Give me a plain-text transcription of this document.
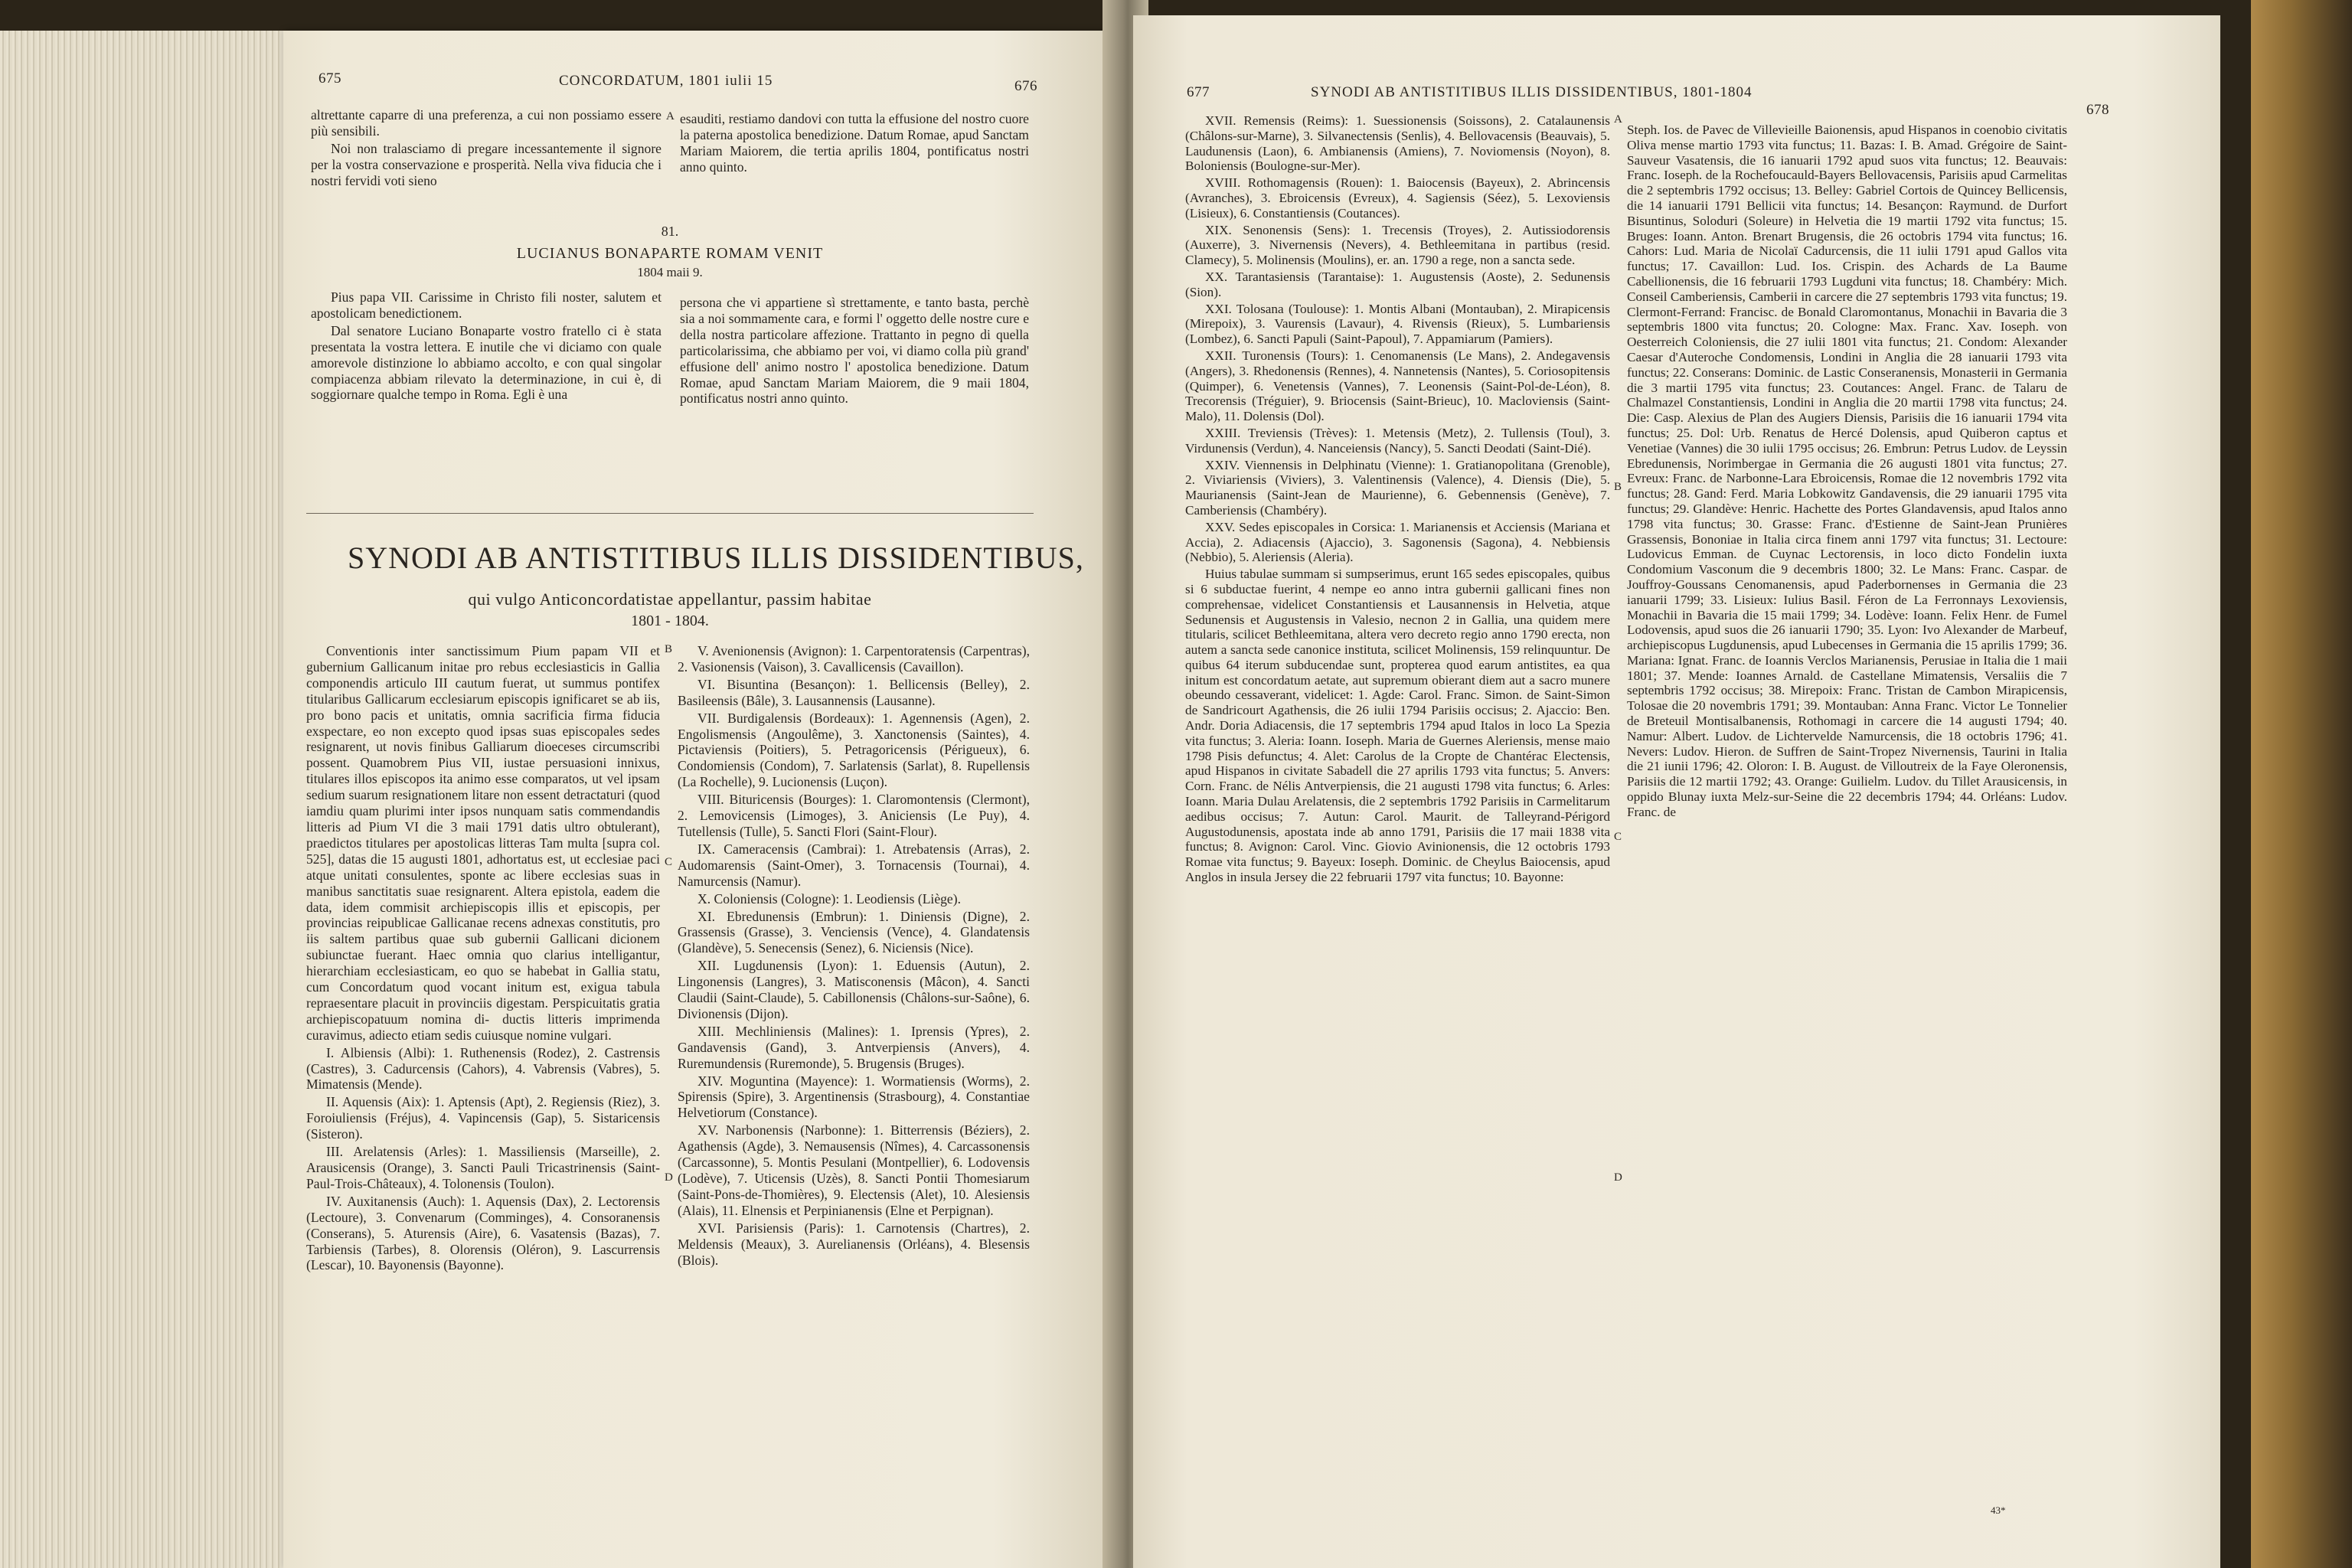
675	CONCORDATUM, 1801 iulii 15	676

altrettante caparre di una preferenza, a cui non possiamo essere più sensibili.

Noi non tralasciamo di pregare incessantemente il signore per la vostra conservazione e prosperità. Nella viva fiducia che i nostri fervidi voti sieno

A esauditi, restiamo dandovi con tutta la effusione del nostro cuore la paterna apostolica benedizione. Datum Romae, apud Sanctam Mariam Maiorem, die tertia aprilis 1804, pontificatus nostri anno quinto.

81.
LUCIANUS BONAPARTE ROMAM VENIT
1804 maii 9.

Pius papa VII. Carissime in Christo fili noster, salutem et apostolicam benedictionem.

Dal senatore Luciano Bonaparte vostro fratello ci è stata presentata la vostra lettera. E inutile che vi diciamo con quale amorevole distinzione lo abbiamo accolto, e con qual singolar compiacenza abbiam rilevato la determinazione, in cui è, di soggiornare qualche tempo in Roma. Egli è una

persona che vi appartiene sì strettamente, e tanto basta, perchè sia a noi sommamente cara, e formi l' oggetto delle nostre cure e della nostra particolare affezione. Trattanto in pegno di quella particolarissima, che abbiamo per voi, vi diamo colla più grand' effusione dell' animo nostro l' apostolica benedizione. Datum Romae, apud Sanctam Mariam Maiorem, die 9 maii 1804, pontificatus nostri anno quinto.

SYNODI AB ANTISTITIBUS ILLIS DISSIDENTIBUS,
qui vulgo Anticoncordatistae appellantur, passim habitae
1801 - 1804.

Conventionis inter sanctissimum Pium papam VII et gubernium Gallicanum initae pro rebus ecclesiasticis in Gallia componendis articulo III cautum fuerat, ut summus pontifex titularibus Gallicarum ecclesiarum episcopis ignificaret se ab iis, pro bono pacis et unitatis, omnia sacrificia firma fiducia exspectare, eo non excepto quod ipsas suas episcopales sedes resignarent, ut novis finibus Galliarum dioeceses circumscribi possent. Quamobrem Pius VII, iustae persuasioni innixus, titulares illos episcopos ita animo esse comparatos, ut vel ipsam sedium suarum resignationem litare non essent detractaturi (quod iamdiu quam plurimi inter ipsos nunquam satis commendandis litteris ad Pium VI die 3 maii 1791 datis ultro obtulerant), praedictos titulares per apostolicas litteras Tam multa [supra col. 525], datas die 15 augusti 1801, adhortatus est, ut ecclesiae paci atque unitati consulentes, sponte ac libere ecclesias suas in manibus sanctitatis suae resignarent. Altera epistola, eadem die data, idem commisit archiepiscopis illis et episcopis, per provincias reipublicae Gallicanae recens adnexas constitutis, pro iis saltem partibus quae sub gubernii Gallicani dicionem subiunctae fuerant. Haec omnia quo clarius intelligantur, hierarchiam ecclesiasticam, eo quo se habebat in Gallia statu, cum Concordatum quod vocant initum est, exigua tabula repraesentare placuit in provinciis digestam. Perspicuitatis gratia archiepiscopatuum nomina di- ductis litteris imprimenda curavimus, adiecto etiam sedis cuiusque nomine vulgari.

I. Albiensis (Albi): 1. Ruthenensis (Rodez), 2. Castrensis (Castres), 3. Cadurcensis (Cahors), 4. Vabrensis (Vabres), 5. Mimatensis (Mende).

II. Aquensis (Aix): 1. Aptensis (Apt), 2. Regiensis (Riez), 3. Foroiuliensis (Fréjus), 4. Vapincensis (Gap), 5. Sistaricensis (Sisteron).

III. Arelatensis (Arles): 1. Massiliensis (Marseille), 2. Arausicensis (Orange), 3. Sancti Pauli Tricastrinensis (Saint-Paul-Trois-Châteaux), 4. Tolonensis (Toulon).

IV. Auxitanensis (Auch): 1. Aquensis (Dax), 2. Lectorensis (Lectoure), 3. Convenarum (Comminges), 4. Consoranensis (Conserans), 5. Aturensis (Aire), 6. Vasatensis (Bazas), 7. Tarbiensis (Tarbes), 8. Olorensis (Oléron), 9. Lascurrensis (Lescar), 10. Bayonensis (Bayonne).

B
C
D

V. Avenionensis (Avignon): 1. Carpentoratensis (Carpentras), 2. Vasionensis (Vaison), 3. Cavallicensis (Cavaillon).

VI. Bisuntina (Besançon): 1. Bellicensis (Belley), 2. Basileensis (Bâle), 3. Lausannensis (Lausanne).

VII. Burdigalensis (Bordeaux): 1. Agennensis (Agen), 2. Engolismensis (Angoulême), 3. Xanctonensis (Saintes), 4. Pictaviensis (Poitiers), 5. Petragoricensis (Périgueux), 6. Condomiensis (Condom), 7. Sarlatensis (Sarlat), 8. Rupellensis (La Rochelle), 9. Lucionensis (Luçon).

VIII. Bituricensis (Bourges): 1. Claromontensis (Clermont), 2. Lemovicensis (Limoges), 3. Aniciensis (Le Puy), 4. Tutellensis (Tulle), 5. Sancti Flori (Saint-Flour).

IX. Cameracensis (Cambrai): 1. Atrebatensis (Arras), 2. Audomarensis (Saint-Omer), 3. Tornacensis (Tournai), 4. Namurcensis (Namur).

X. Coloniensis (Cologne): 1. Leodiensis (Liège).

XI. Ebredunensis (Embrun): 1. Diniensis (Digne), 2. Grassensis (Grasse), 3. Venciensis (Vence), 4. Glandatensis (Glandève), 5. Senecensis (Senez), 6. Niciensis (Nice).

XII. Lugdunensis (Lyon): 1. Eduensis (Autun), 2. Lingonensis (Langres), 3. Matisconensis (Mâcon), 4. Sancti Claudii (Saint-Claude), 5. Cabillonensis (Châlons-sur-Saône), 6. Divionensis (Dijon).

XIII. Mechliniensis (Malines): 1. Iprensis (Ypres), 2. Gandavensis (Gand), 3. Antverpiensis (Anvers), 4. Ruremundensis (Ruremonde), 5. Brugensis (Bruges).

XIV. Moguntina (Mayence): 1. Wormatiensis (Worms), 2. Spirensis (Spire), 3. Argentinensis (Strasbourg), 4. Constantiae Helvetiorum (Constance).

XV. Narbonensis (Narbonne): 1. Bitterrensis (Béziers), 2. Agathensis (Agde), 3. Nemausensis (Nîmes), 4. Carcassonensis (Carcassonne), 5. Montis Pesulani (Montpellier), 6. Lodovensis (Lodève), 7. Uticensis (Uzès), 8. Sancti Pontii Thomesiarum (Saint-Pons-de-Thomières), 9. Electensis (Alet), 10. Alesiensis (Alais), 11. Elnensis et Perpinianensis (Elne et Perpignan).

XVI. Parisiensis (Paris): 1. Carnotensis (Chartres), 2. Meldensis (Meaux), 3. Aurelianensis (Orléans), 4. Blesensis (Blois).

677	SYNODI AB ANTISTITIBUS ILLIS DISSIDENTIBUS, 1801-1804
678

XVII. Remensis (Reims): 1. Suessionensis (Soissons), 2. Catalaunensis (Châlons-sur-Marne), 3. Silvanectensis (Senlis), 4. Bellovacensis (Beauvais), 5. Laudunensis (Laon), 6. Ambianensis (Amiens), 7. Noviomensis (Noyon), 8. Boloniensis (Boulogne-sur-Mer).

XVIII. Rothomagensis (Rouen): 1. Baiocensis (Bayeux), 2. Abrincensis (Avranches), 3. Ebroicensis (Evreux), 4. Sagiensis (Séez), 5. Lexoviensis (Lisieux), 6. Constantiensis (Coutances).

XIX. Senonensis (Sens): 1. Trecensis (Troyes), 2. Autissiodorensis (Auxerre), 3. Nivernensis (Nevers), 4. Bethleemitana in partibus (resid. Clamecy), 5. Molinensis (Moulins), er. an. 1790 a rege, non a sancta sede.

XX. Tarantasiensis (Tarantaise): 1. Augustensis (Aoste), 2. Sedunensis (Sion).

XXI. Tolosana (Toulouse): 1. Montis Albani (Montauban), 2. Mirapicensis (Mirepoix), 3. Vaurensis (Lavaur), 4. Rivensis (Rieux), 5. Lumbariensis (Lombez), 6. Sancti Papuli (Saint-Papoul), 7. Appamiarum (Pamiers).

XXII. Turonensis (Tours): 1. Cenomanensis (Le Mans), 2. Andegavensis (Angers), 3. Rhedonensis (Rennes), 4. Nannetensis (Nantes), 5. Coriosopitensis (Quimper), 6. Venetensis (Vannes), 7. Leonensis (Saint-Pol-de-Léon), 8. Trecorensis (Tréguier), 9. Briocensis (Saint-Brieuc), 10. Macloviensis (Saint-Malo), 11. Dolensis (Dol).

XXIII. Treviensis (Trèves): 1. Metensis (Metz), 2. Tullensis (Toul), 3. Virdunensis (Verdun), 4. Nanceiensis (Nancy), 5. Sancti Deodati (Saint-Dié).

XXIV. Viennensis in Delphinatu (Vienne): 1. Gratianopolitana (Grenoble), 2. Viviariensis (Viviers), 3. Valentinensis (Valence), 4. Diensis (Die), 5. Maurianensis (Saint-Jean de Maurienne), 6. Gebennensis (Genève), 7. Camberiensis (Chambéry).

XXV. Sedes episcopales in Corsica: 1. Marianensis et Acciensis (Mariana et Accia), 2. Adiacensis (Ajaccio), 3. Sagonensis (Sagona), 4. Nebbiensis (Nebbio), 5. Aleriensis (Aleria).

Huius tabulae summam si sumpserimus, erunt 165 sedes episcopales, quibus si 6 subductae fuerint, 4 nempe eo anno intra gubernii gallicani fines non comprehensae, videlicet Constantiensis et Lausannensis in Helvetia, atque Sedunensis et Augustensis in Valesio, necnon 2 in Gallia, una quidem mere titularis, scilicet Bethleemitana, altera vero decreto regio anno 1790 erecta, non autem a sancta sede canonice instituta, scilicet Molinensis, 159 relinquuntur. De quibus 64 iterum subducendae sunt, propterea quod earum antistites, ea qua initum est concordatum aetate, aut supremum obierant diem aut a sacro munere obeundo cessaverant, videlicet: 1. Agde: Carol. Franc. Simon. de Saint-Simon de Sandricourt Agathensis, die 26 iulii 1794 Parisiis occisus; 2. Ajaccio: Ben. Andr. Doria Adiacensis, die 17 septembris 1794 apud Italos in loco La Spezia vita functus; 3. Aleria: Ioann. Ioseph. Maria de Guernes Aleriensis, mense maio 1798 Pisis defunctus; 4. Alet: Carolus de la Cropte de Chantérac Electensis, apud Hispanos in civitate Sabadell die 27 aprilis 1793 vita functus; 5. Anvers: Corn. Franc. de Nélis Antverpiensis, die 21 augusti 1798 vita functus; 6. Arles: Ioann. Maria Dulau Arelatensis, die 2 septembris 1792 Parisiis in Carmelitarum aedibus occisus; 7. Autun: Carol. Maurit. de Talleyrand-Périgord Augustodunensis, apostata inde ab anno 1791, Parisiis die 17 maii 1838 vita functus; 8. Avignon: Carol. Vinc. Giovio Avinionensis, die 12 octobris 1793 Romae vita functus; 9. Bayeux: Ioseph. Dominic. de Cheylus Baiocensis, apud Anglos in insula Jersey die 22 februarii 1797 vita functus; 10. Bayonne:

A
B
C
D

Steph. Ios. de Pavec de Villevieille Baionensis, apud Hispanos in coenobio civitatis Oliva mense martio 1793 vita functus; 11. Bazas: I. B. Amad. Grégoire de Saint-Sauveur Vasatensis, die 16 ianuarii 1792 apud suos vita functus; 12. Beauvais: Franc. Ioseph. de la Rochefoucauld-Bayers Bellovacensis, Parisiis apud Carmelitas die 2 septembris 1792 occisus; 13. Belley: Gabriel Cortois de Quincey Bellicensis, die 14 ianuarii 1791 Bellicii vita functus; 14. Besançon: Raymund. de Durfort Bisuntinus, Soloduri (Soleure) in Helvetia die 19 martii 1792 vita functus; 15. Bruges: Ioann. Anton. Brenart Brugensis, die 26 octobris 1794 vita functus; 16. Cahors: Lud. Maria de Nicolaï Cadurcensis, die 11 iulii 1791 apud Gallos vita functus; 17. Cavaillon: Lud. Ios. Crispin. des Achards de La Baume Cabellionensis, die 16 februarii 1793 Lugduni vita functus; 18. Chambéry: Mich. Conseil Camberiensis, Camberii in carcere die 27 septembris 1793 vita functus; 19. Clermont-Ferrand: Francisc. de Bonald Claromontanus, Monachii in Bavaria die 3 septembris 1800 vita functus; 20. Cologne: Max. Franc. Xav. Ioseph. von Oesterreich Coloniensis, die 27 iulii 1801 vita functus; 21. Condom: Alexander Caesar d'Auteroche Condomensis, Londini in Anglia die 28 ianuarii 1793 vita functus; 22. Conserans: Dominic. de Lastic Conseranensis, Monasterii in Germania die 3 martii 1795 vita functus; 23. Coutances: Angel. Franc. de Talaru de Chalmazel Constantiensis, Londini in Anglia die 20 martii 1798 vita functus; 24. Die: Casp. Alexius de Plan des Augiers Diensis, Parisiis die 16 ianuarii 1794 vita functus; 25. Dol: Urb. Renatus de Hercé Dolensis, apud Quiberon captus et Venetiae (Vannes) die 30 iulii 1795 occisus; 26. Embrun: Petrus Ludov. de Leyssin Ebredunensis, Norimbergae in Germania die 26 augusti 1801 vita functus; 27. Evreux: Franc. de Narbonne-Lara Ebroicensis, Romae die 12 novembris 1792 vita functus; 28. Gand: Ferd. Maria Lobkowitz Gandavensis, die 29 ianuarii 1795 vita functus; 29. Glandève: Henric. Hachette des Portes Glandavensis, apud Italos anno 1798 vita functus; 30. Grasse: Franc. d'Estienne de Saint-Jean Prunières Grassensis, Bononiae in Italia circa finem anni 1797 vita functus; 31. Lectoure: Ludovicus Emman. de Cuynac Lectorensis, in loco dicto Fondelin iuxta Condomium Vasconum die 9 decembris 1800; 32. Le Mans: Franc. Caspar. de Jouffroy-Goussans Cenomanensis, apud Paderbornenses in Germania die 23 ianuarii 1799; 33. Lisieux: Iulius Basil. Féron de La Ferronnays Lexoviensis, Monachii in Bavaria die 15 maii 1799; 34. Lodève: Ioann. Felix Henr. de Fumel Lodovensis, apud suos die 26 ianuarii 1790; 35. Lyon: Ivo Alexander de Marbeuf, archiepiscopus Lugdunensis, apud Lubecenses in Germania die 15 aprilis 1799; 36. Mariana: Ignat. Franc. de Ioannis Verclos Marianensis, Perusiae in Italia die 1 maii 1801; 37. Mende: Ioannes Arnald. de Castellane Mimatensis, Versaliis die 7 septembris 1792 occisus; 38. Mirepoix: Franc. Tristan de Cambon Mirapicensis, Tolosae die 20 novembris 1791; 39. Montauban: Anna Franc. Victor Le Tonnelier de Breteuil Montisalbanensis, Rothomagi in carcere die 14 augusti 1794; 40. Namur: Albert. Ludov. de Lichtervelde Namurcensis, die 18 octobris 1796; 41. Nevers: Ludov. Hieron. de Suffren de Saint-Tropez Nivernensis, Taurini in Italia die 21 iunii 1796; 42. Oloron: I. B. August. de Villoutreix de la Faye Oleronensis, Parisiis die 12 martii 1792; 43. Orange: Guilielm. Ludov. du Tillet Arausicensis, in oppido Blunay iuxta Melz-sur-Seine die 22 decembris 1794; 44. Orléans: Ludov. Franc. de

43*
